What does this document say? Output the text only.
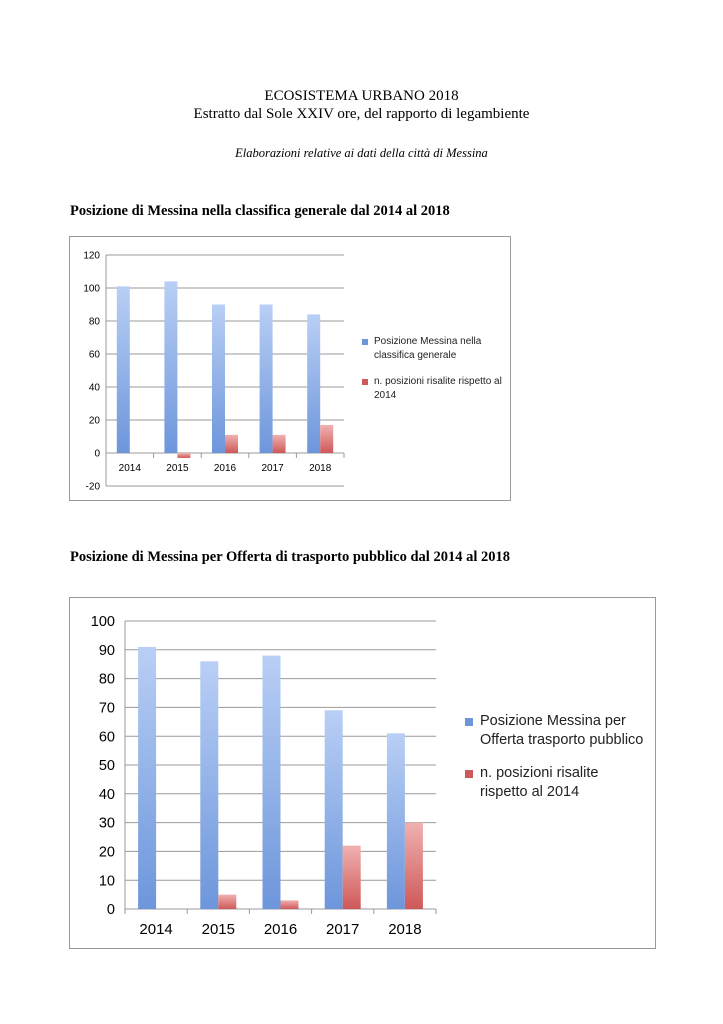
ECOSISTEMA URBANO 2018
Estratto dal Sole XXIV ore, del rapporto di legambiente
Elaborazioni relative ai dati della città di Messina
Posizione di Messina nella classifica generale dal 2014 al 2018
-20
0
20
40
60
80
100
120
2014	2015	2016	2017	2018
Posizione Messina nella classifica generale
n. posizioni risalite rispetto al 2014
Posizione di Messina per Offerta di trasporto pubblico dal 2014 al 2018
0
10
20
30
40
50
60
70
80
90
100
2014 2015 2016 2017 2018
Posizione Messina per Offerta trasporto pubblico
n. posizioni risalite rispetto al 2014
